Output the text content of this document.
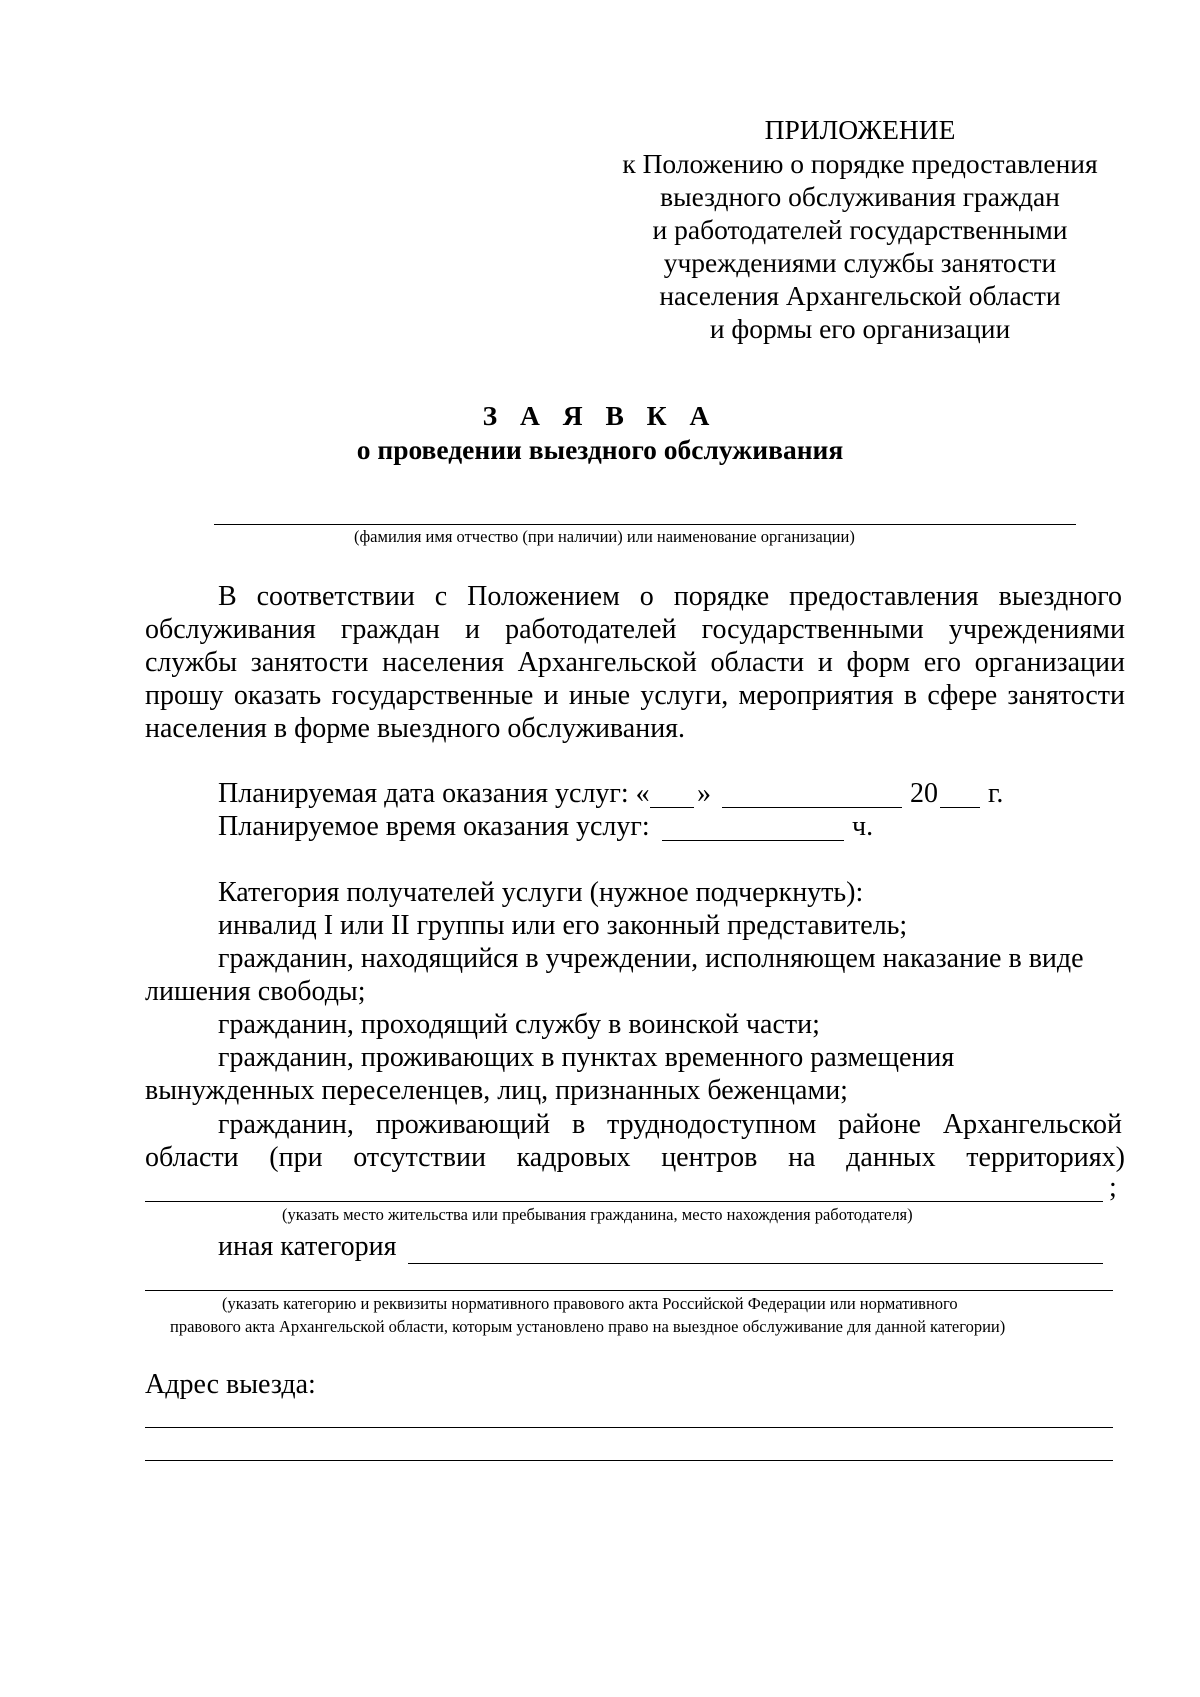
ПРИЛОЖЕНИЕ
к Положению о порядке предоставления
выездного обслуживания граждан
и работодателей государственными
учреждениями службы занятости
населения Архангельской области
и формы его организации
З А Я В К А
о проведении выездного обслуживания
(фамилия имя отчество (при наличии) или наименование организации)
В соответствии с Положением о порядке предоставления выездного
обслуживания граждан и работодателей государственными учреждениями
службы занятости населения Архангельской области и форм его организации
прошу оказать государственные и иные услуги, мероприятия в сфере занятости
населения в форме выездного обслуживания.
Планируемая дата оказания услуг: « »	20 г.
Планируемое время оказания услуг:	ч.
Категория получателей услуги (нужное подчеркнуть):
инвалид I или II группы или его законный представитель;
гражданин, находящийся в учреждении, исполняющем наказание в виде
лишения свободы;
гражданин, проходящий службу в воинской части;
гражданин, проживающих в пунктах временного размещения
вынужденных переселенцев, лиц, признанных беженцами;
гражданин, проживающий в труднодоступном районе Архангельской
области (при отсутствии кадровых центров на данных территориях)
;
(указать место жительства или пребывания гражданина, место нахождения работодателя)
иная категория
(указать категорию и реквизиты нормативного правового акта Российской Федерации или нормативного
правового акта Архангельской области, которым установлено право на выездное обслуживание для данной категории)
Адрес выезда:
